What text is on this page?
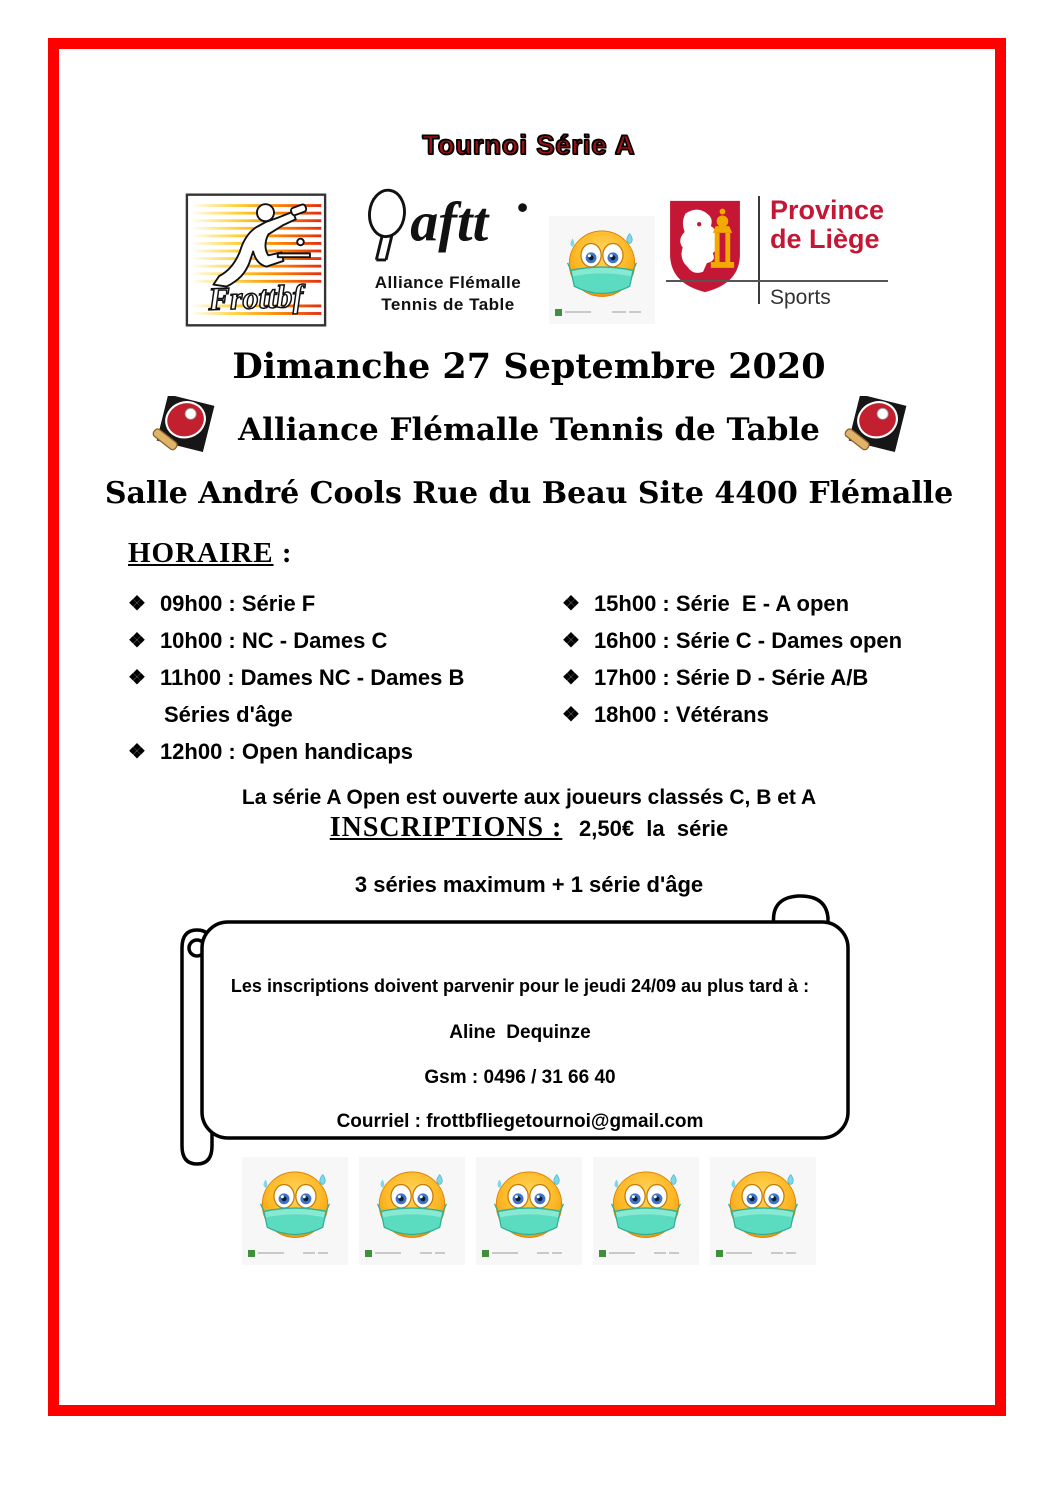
Tournoi Série A
Frottbf
aftt
Alliance Flémalle
Tennis de Table
Province
de Liège
Sports
Dimanche 27 Septembre 2020
Alliance Flémalle Tennis de Table
Salle André Cools Rue du Beau Site 4400 Flémalle
HORAIRE :
❖ 09h00 : Série F
❖ 10h00 : NC - Dames C
❖ 11h00 : Dames NC - Dames B
Séries d'âge
❖ 12h00 : Open handicaps
❖ 15h00 : Série  E - A open
❖ 16h00 : Série C - Dames open
❖ 17h00 : Série D - Série A/B
❖ 18h00 : Vétérans
La série A Open est ouverte aux joueurs classés C, B et A
INSCRIPTIONS : 2,50€  la  série
3 séries maximum + 1 série d'âge
Les inscriptions doivent parvenir pour le jeudi 24/09 au plus tard à :
Aline  Dequinze
Gsm : 0496 / 31 66 40
Courriel : frottbfliegetournoi@gmail.com
